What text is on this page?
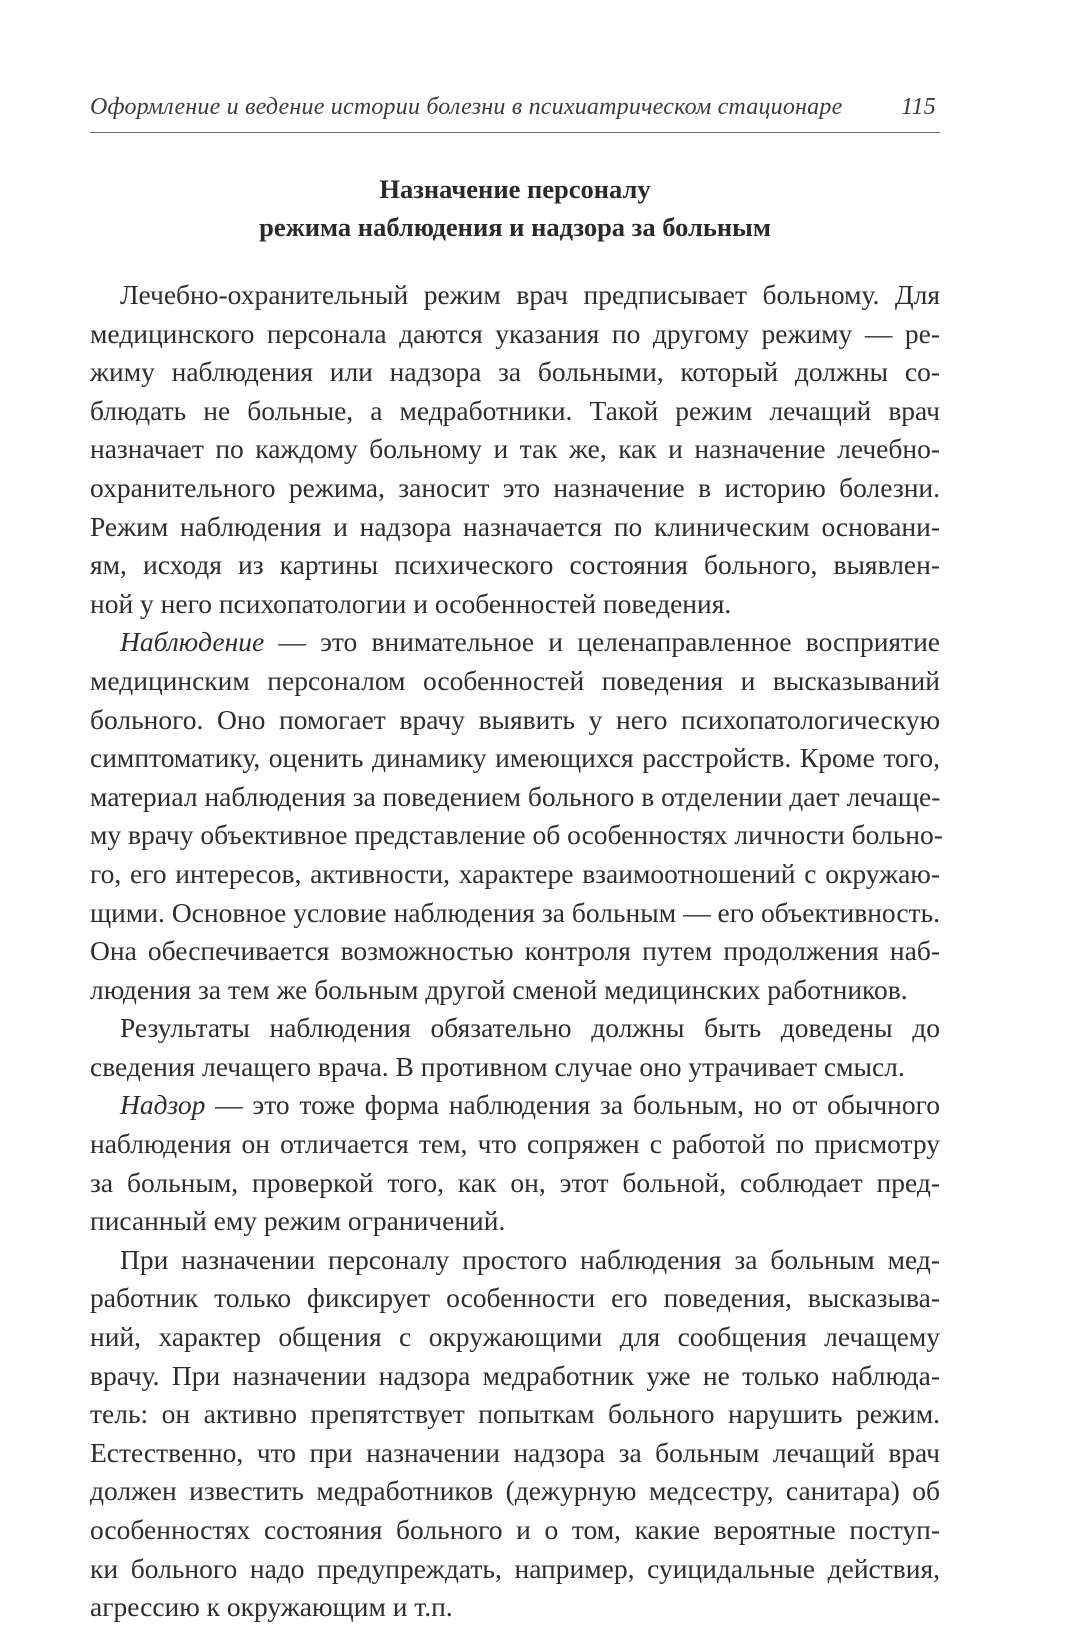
Оформление и ведение истории болезни в психиатрическом стационаре 115
Назначение персоналу
режима наблюдения и надзора за больным
Лечебно-охранительный режим врач предписывает больному. Для
медицинского персонала даются указания по другому режиму — ре-
жиму наблюдения или надзора за больными, который должны со-
блюдать не больные, а медработники. Такой режим лечащий врач
назначает по каждому больному и так же, как и назначение лечебно-
охранительного режима, заносит это назначение в историю болезни.
Режим наблюдения и надзора назначается по клиническим основани-
ям, исходя из картины психического состояния больного, выявлен-
ной у него психопатологии и особенностей поведения.
Наблюдение — это внимательное и целенаправленное восприятие
медицинским персоналом особенностей поведения и высказываний
больного. Оно помогает врачу выявить у него психопатологическую
симптоматику, оценить динамику имеющихся расстройств. Кроме того,
материал наблюдения за поведением больного в отделении дает лечаще-
му врачу объективное представление об особенностях личности больно-
го, его интересов, активности, характере взаимоотношений с окружаю-
щими. Основное условие наблюдения за больным — его объективность.
Она обеспечивается возможностью контроля путем продолжения наб-
людения за тем же больным другой сменой медицинских работников.
Результаты наблюдения обязательно должны быть доведены до
сведения лечащего врача. В противном случае оно утрачивает смысл.
Надзор — это тоже форма наблюдения за больным, но от обычного
наблюдения он отличается тем, что сопряжен с работой по присмотру
за больным, проверкой того, как он, этот больной, соблюдает пред-
писанный ему режим ограничений.
При назначении персоналу простого наблюдения за больным мед-
работник только фиксирует особенности его поведения, высказыва-
ний, характер общения с окружающими для сообщения лечащему
врачу. При назначении надзора медработник уже не только наблюда-
тель: он активно препятствует попыткам больного нарушить режим.
Естественно, что при назначении надзора за больным лечащий врач
должен известить медработников (дежурную медсестру, санитара) об
особенностях состояния больного и о том, какие вероятные поступ-
ки больного надо предупреждать, например, суицидальные действия,
агрессию к окружающим и т.п.
